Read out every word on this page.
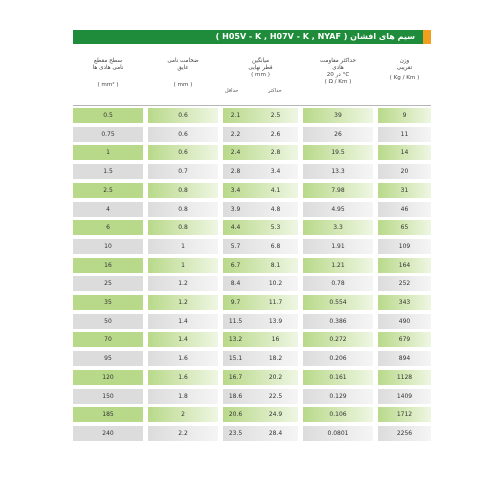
سیم های افشان ( H05V - K , H07V - K , NYAF )
سطح مقطع
نامی هادی ها
( mm² )
ضخامت نامی
عایق
( mm )
میانگین
قطر نهایی
( mm )
حداقل	حداکثر
حداکثر مقاومت
هادی
در 20 °C
( Ω / Km )
وزن
تقریبی
( Kg / Km )
0.5	0.6	2.1	2.5	39	9
0.75	0.6	2.2	2.6	26	11
1	0.6	2.4	2.8	19.5	14
1.5	0.7	2.8	3.4	13.3	20
2.5	0.8	3.4	4.1	7.98	31
4	0.8	3.9	4.8	4.95	46
6	0.8	4.4	5.3	3.3	65
10	1	5.7	6.8	1.91	109
16	1	6.7	8.1	1.21	164
25	1.2	8.4	10.2	0.78	252
35	1.2	9.7	11.7	0.554	343
50	1.4	11.5	13.9	0.386	490
70	1.4	13.2	16	0.272	679
95	1.6	15.1	18.2	0.206	894
120	1.6	16.7	20.2	0.161	1128
150	1.8	18.6	22.5	0.129	1409
185	2	20.6	24.9	0.106	1712
240	2.2	23.5	28.4	0.0801	2256
